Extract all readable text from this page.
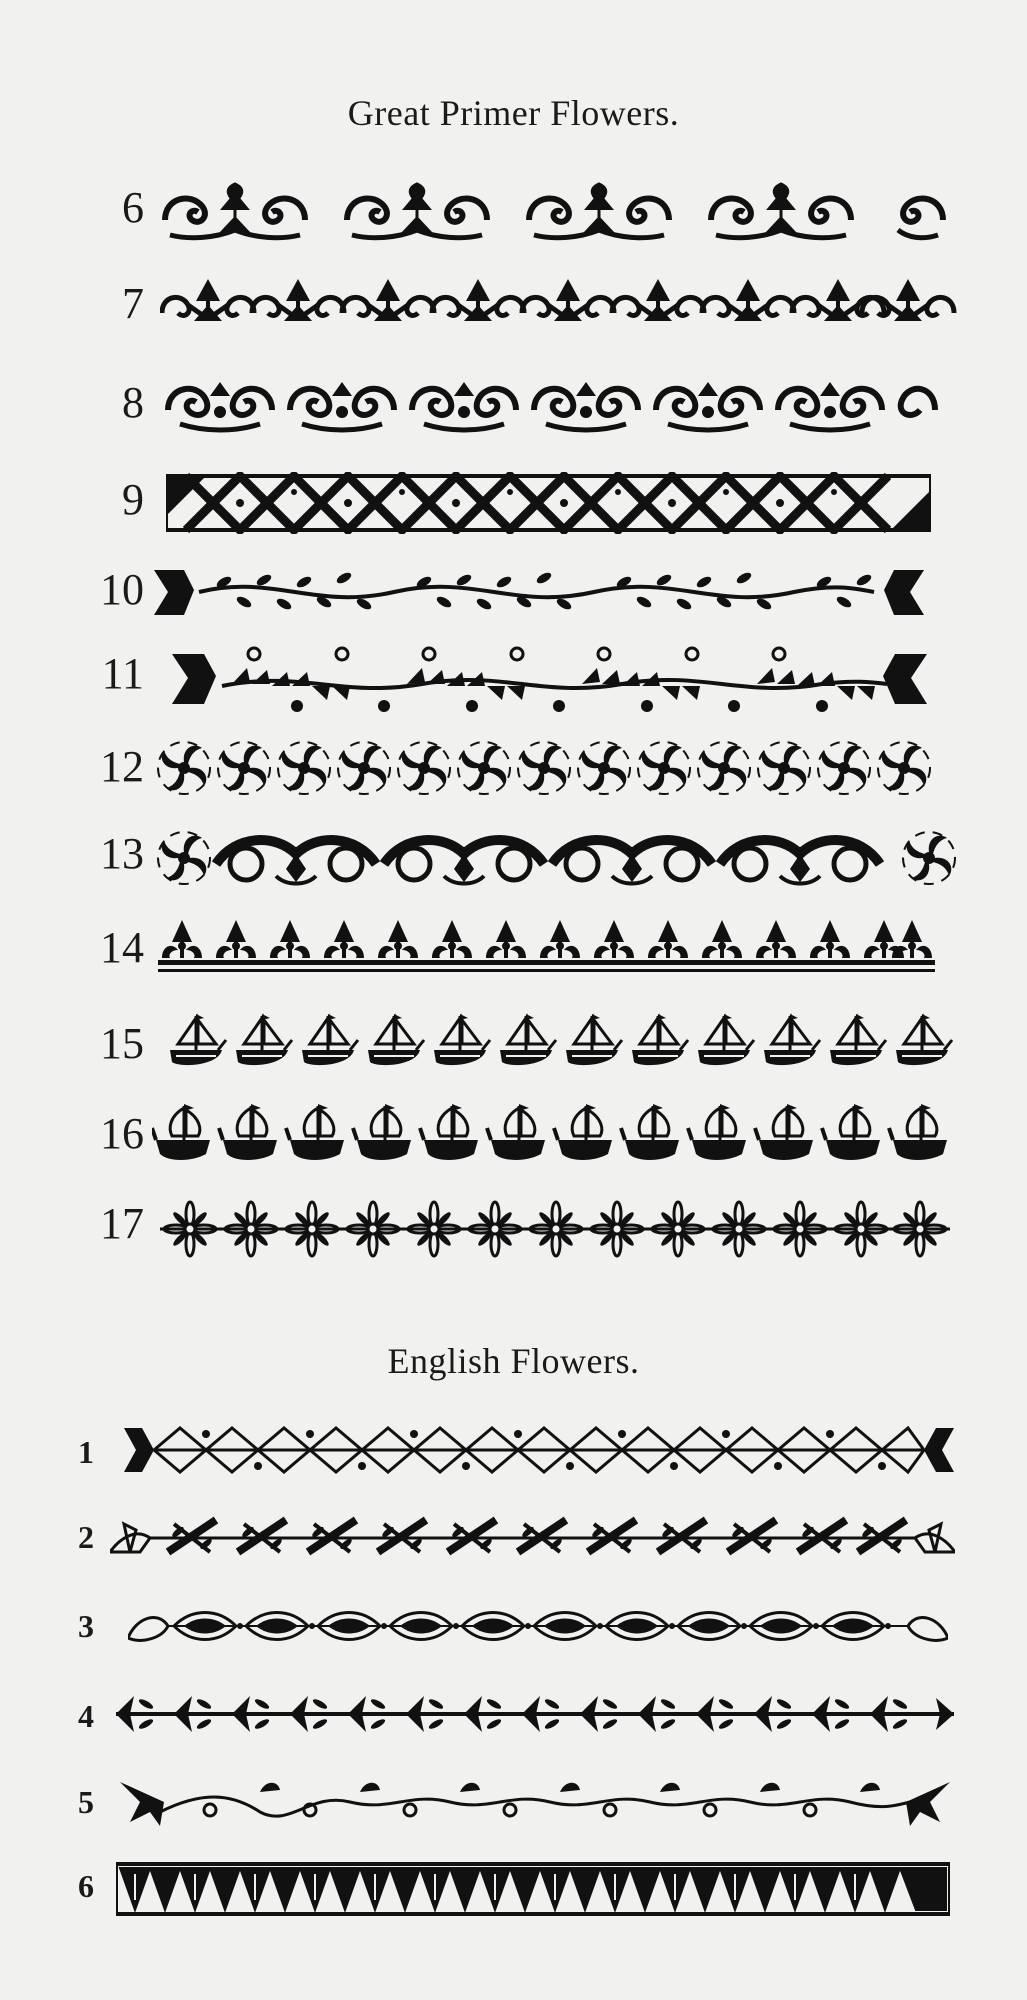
Great Primer Flowers.
6
7
8
9
10
11
12
13
14
15
16
17
English Flowers.
1
2
3
4
5
6
